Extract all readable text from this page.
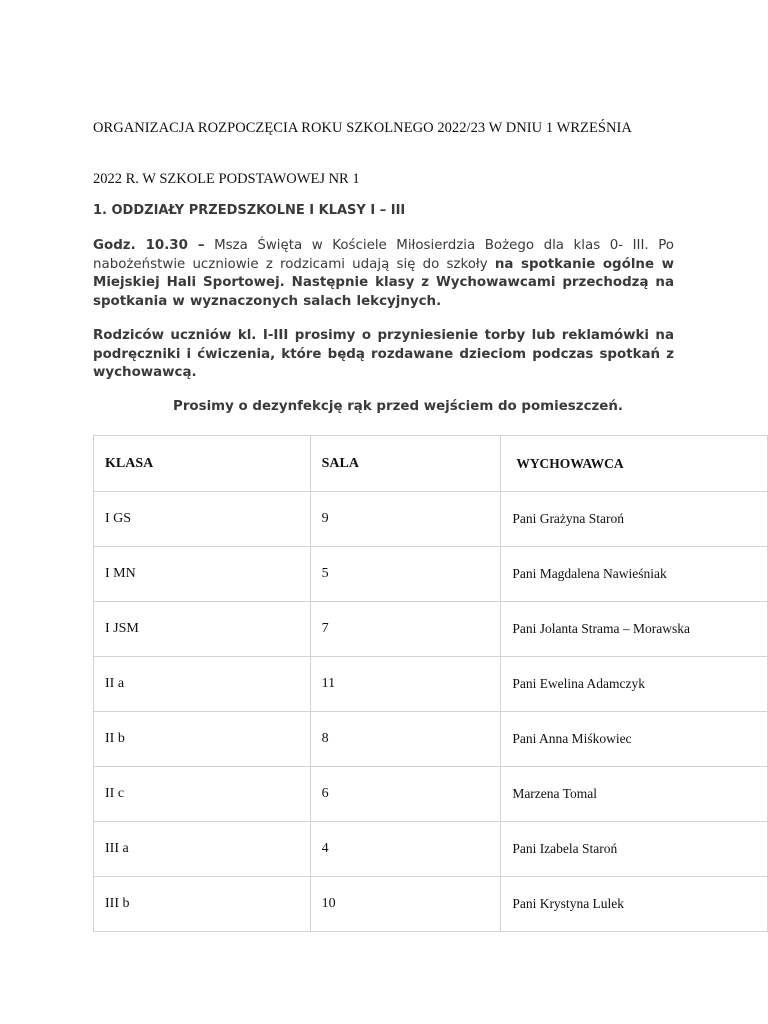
ORGANIZACJA ROZPOCZĘCIA ROKU SZKOLNEGO 2022/23 W DNIU 1 WRZEŚNIA
2022 R. W SZKOLE PODSTAWOWEJ NR 1
1. ODDZIAŁY PRZEDSZKOLNE I KLASY I – III
Godz. 10.30 – Msza Święta w Kościele Miłosierdzia Bożego dla klas 0- III. Po nabożeństwie uczniowie z rodzicami udają się do szkoły na spotkanie ogólne w Miejskiej Hali Sportowej. Następnie klasy z Wychowawcami przechodzą na spotkania w wyznaczonych salach lekcyjnych.
Rodziców uczniów kl. I-III prosimy o przyniesienie torby lub reklamówki na podręczniki i ćwiczenia, które będą rozdawane dzieciom podczas spotkań z wychowawcą.
Prosimy o dezynfekcję rąk przed wejściem do pomieszczeń.
KLASA	SALA	WYCHOWAWCA
I GS	9	Pani Grażyna Staroń
I MN	5	Pani Magdalena Nawieśniak
I JSM	7	Pani Jolanta Strama – Morawska
II a	11	Pani Ewelina Adamczyk
II b	8	Pani Anna Miśkowiec
II c	6	Marzena Tomal
III a	4	Pani Izabela Staroń
III b	10	Pani Krystyna Lulek
